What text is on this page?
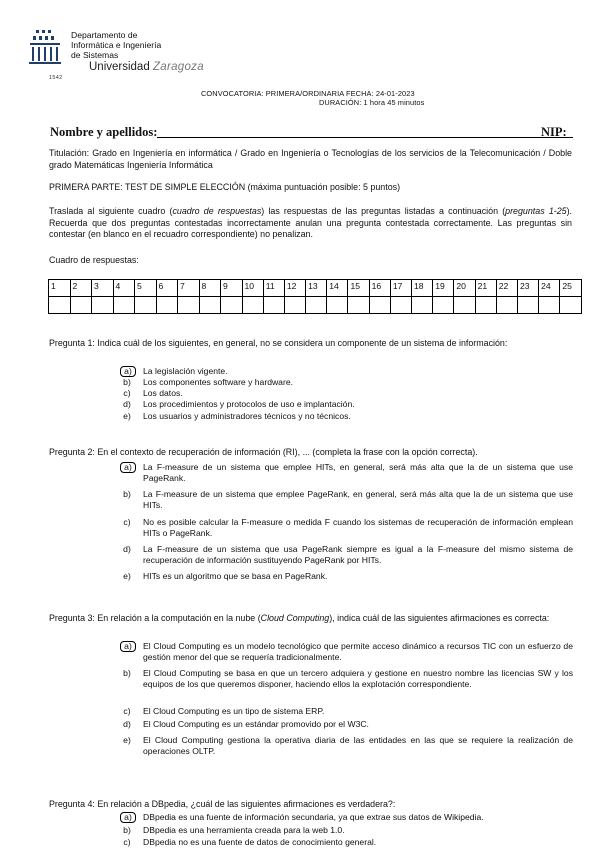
Departamento de
Informática e Ingeniería
de Sistemas
Universidad Zaragoza
1542
CONVOCATORIA: PRIMERA/ORDINARIA FECHA: 24-01-2023
DURACIÓN: 1 hora 45 minutos
Nombre y apellidos:	NIP:
Titulación: Grado en Ingeniería en informática / Grado en Ingeniería o Tecnologías de los servicios de la Telecomunicación / Doble grado Matemáticas Ingeniería Informática
PRIMERA PARTE: TEST DE SIMPLE ELECCIÓN (máxima puntuación posible: 5 puntos)
Traslada al siguiente cuadro (cuadro de respuestas) las respuestas de las preguntas listadas a continuación (preguntas 1-25). Recuerda que dos preguntas contestadas incorrectamente anulan una pregunta contestada correctamente. Las preguntas sin contestar (en blanco en el recuadro correspondiente) no penalizan.
Cuadro de respuestas:
1	2	3	4	5	6	7	8	9	10	11	12	13	14	15	16	17	18	19	20	21	22	23	24	25

Pregunta 1: Indica cuál de los siguientes, en general, no se considera un componente de un sistema de información:
a)	La legislación vigente.
b)	Los componentes software y hardware.
c)	Los datos.
d)	Los procedimientos y protocolos de uso e implantación.
e)	Los usuarios y administradores técnicos y no técnicos.
Pregunta 2: En el contexto de recuperación de información (RI), ... (completa la frase con la opción correcta).
a)	La F-measure de un sistema que emplee HITs, en general, será más alta que la de un sistema que use PageRank.
b)	La F-measure de un sistema que emplee PageRank, en general, será más alta que la de un sistema que use HITs.
c)	No es posible calcular la F-measure o medida F cuando los sistemas de recuperación de información emplean HITs o PageRank.
d)	La F-measure de un sistema que usa PageRank siempre es igual a la F-measure del mismo sistema de recuperación de información sustituyendo PageRank por HITs.
e)	HITs es un algoritmo que se basa en PageRank.
Pregunta 3: En relación a la computación en la nube (Cloud Computing), indica cuál de las siguientes afirmaciones es correcta:
a)	El Cloud Computing es un modelo tecnológico que permite acceso dinámico a recursos TIC con un esfuerzo de gestión menor del que se requería tradicionalmente.
b)	El Cloud Computing se basa en que un tercero adquiera y gestione en nuestro nombre las licencias SW y los equipos de los que queremos disponer, haciendo ellos la explotación correspondiente.
c)	El Cloud Computing es un tipo de sistema ERP.
d)	El Cloud Computing es un estándar promovido por el W3C.
e)	El Cloud Computing gestiona la operativa diaria de las entidades en las que se requiere la realización de operaciones OLTP.
Pregunta 4: En relación a DBpedia, ¿cuál de las siguientes afirmaciones es verdadera?:
a)	DBpedia es una fuente de información secundaria, ya que extrae sus datos de Wikipedia.
b)	DBpedia es una herramienta creada para la web 1.0.
c)	DBpedia no es una fuente de datos de conocimiento general.
